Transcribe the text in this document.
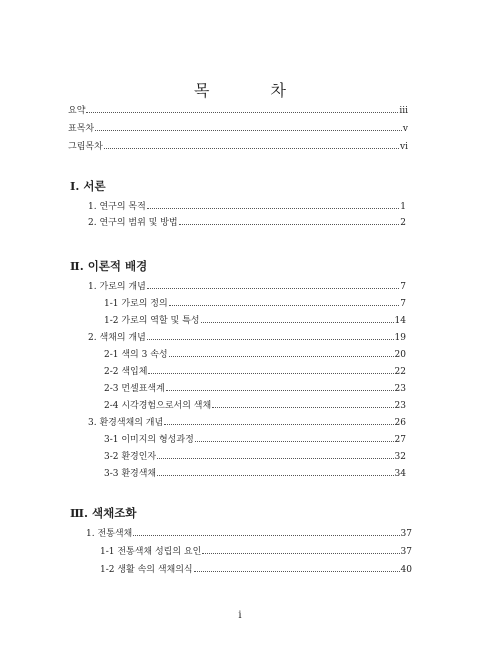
목 차
요약	iii
표목차	v
그림목차	vi
Ⅰ. 서론
1. 연구의 목적	1
2. 연구의 범위 및 방법	2
Ⅱ. 이론적 배경
1. 가로의 개념	7
1-1 가로의 정의	7
1-2 가로의 역할 및 특성	14
2. 색채의 개념	19
2-1 색의 3 속성	20
2-2 색입체	22
2-3 먼셀표색계	23
2-4 시각경험으로서의 색채	23
3. 환경색채의 개념	26
3-1 이미지의 형성과정	27
3-2 환경인자	32
3-3 환경색채	34
Ⅲ. 색채조화
1. 전통색채	37
1-1 전통색채 성립의 요인	37
1-2 생활 속의 색채의식	40
i
